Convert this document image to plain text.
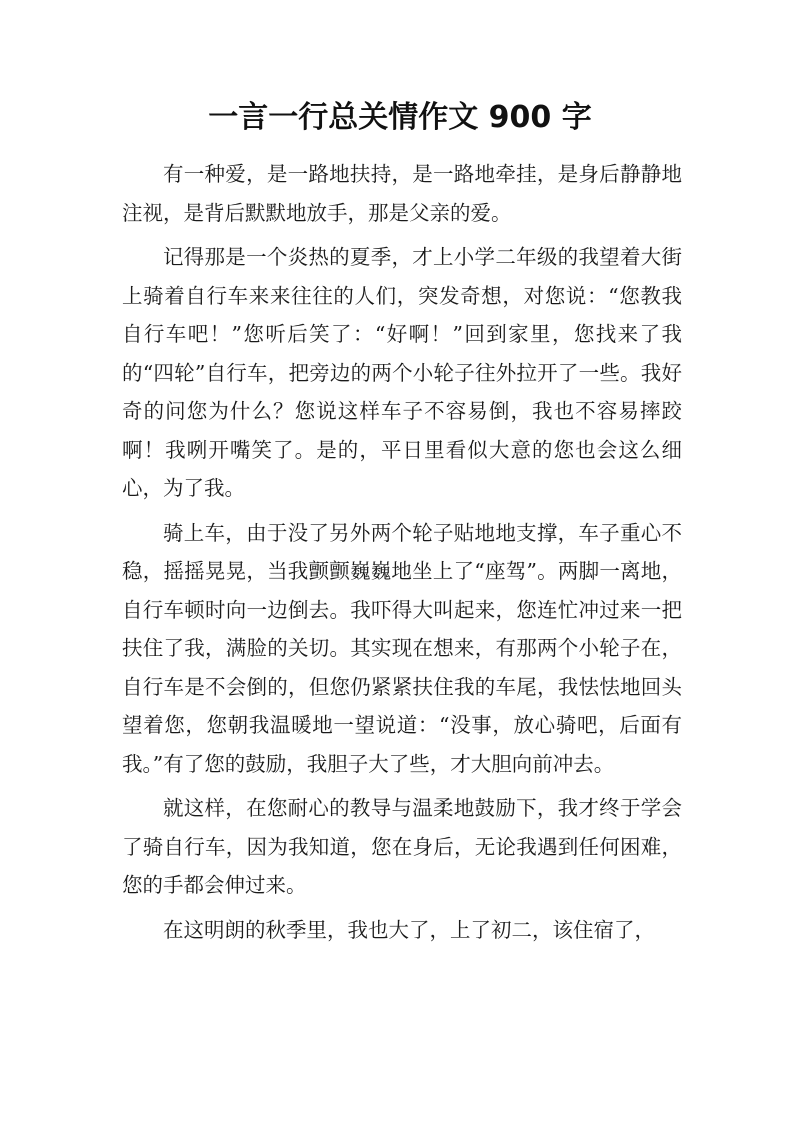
一言一行总关情作文 900 字

有一种爱，是一路地扶持，是一路地牵挂，是身后静静地注视，是背后默默地放手，那是父亲的爱。

记得那是一个炎热的夏季，才上小学二年级的我望着大街上骑着自行车来来往往的人们，突发奇想，对您说：“您教我自行车吧！”您听后笑了：“好啊！”回到家里，您找来了我的“四轮”自行车，把旁边的两个小轮子往外拉开了一些。我好奇的问您为什么？您说这样车子不容易倒，我也不容易摔跤啊！我咧开嘴笑了。是的，平日里看似大意的您也会这么细心，为了我。

骑上车，由于没了另外两个轮子贴地地支撑，车子重心不稳，摇摇晃晃，当我颤颤巍巍地坐上了“座驾”。两脚一离地，自行车顿时向一边倒去。我吓得大叫起来，您连忙冲过来一把扶住了我，满脸的关切。其实现在想来，有那两个小轮子在，自行车是不会倒的，但您仍紧紧扶住我的车尾，我怯怯地回头望着您，您朝我温暖地一望说道：“没事，放心骑吧，后面有我。”有了您的鼓励，我胆子大了些，才大胆向前冲去。

就这样，在您耐心的教导与温柔地鼓励下，我才终于学会了骑自行车，因为我知道，您在身后，无论我遇到任何困难，您的手都会伸过来。

在这明朗的秋季里，我也大了，上了初二，该住宿了，
